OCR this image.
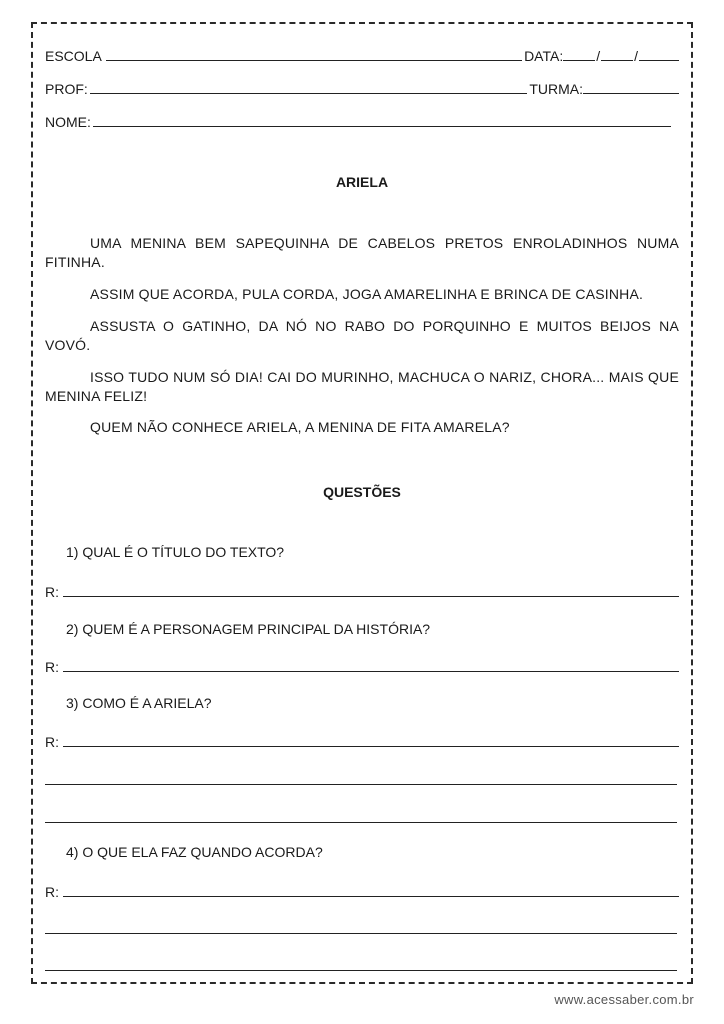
ESCOLA	DATA: / /
PROF:	TURMA:
NOME:
ARIELA
UMA MENINA BEM SAPEQUINHA DE CABELOS PRETOS ENROLADINHOS NUMA FITINHA.
ASSIM QUE ACORDA, PULA CORDA, JOGA AMARELINHA E BRINCA DE CASINHA.
ASSUSTA O GATINHO, DA NÓ NO RABO DO PORQUINHO E MUITOS BEIJOS NA VOVÓ.
ISSO TUDO NUM SÓ DIA! CAI DO MURINHO, MACHUCA O NARIZ, CHORA... MAIS QUE MENINA FELIZ!
QUEM NÃO CONHECE ARIELA, A MENINA DE FITA AMARELA?
QUESTÕES
1) QUAL É O TÍTULO DO TEXTO?
R:
2) QUEM É A PERSONAGEM PRINCIPAL DA HISTÓRIA?
R:
3) COMO É A ARIELA?
R:
4) O QUE ELA FAZ QUANDO ACORDA?
R:
www.acessaber.com.br
